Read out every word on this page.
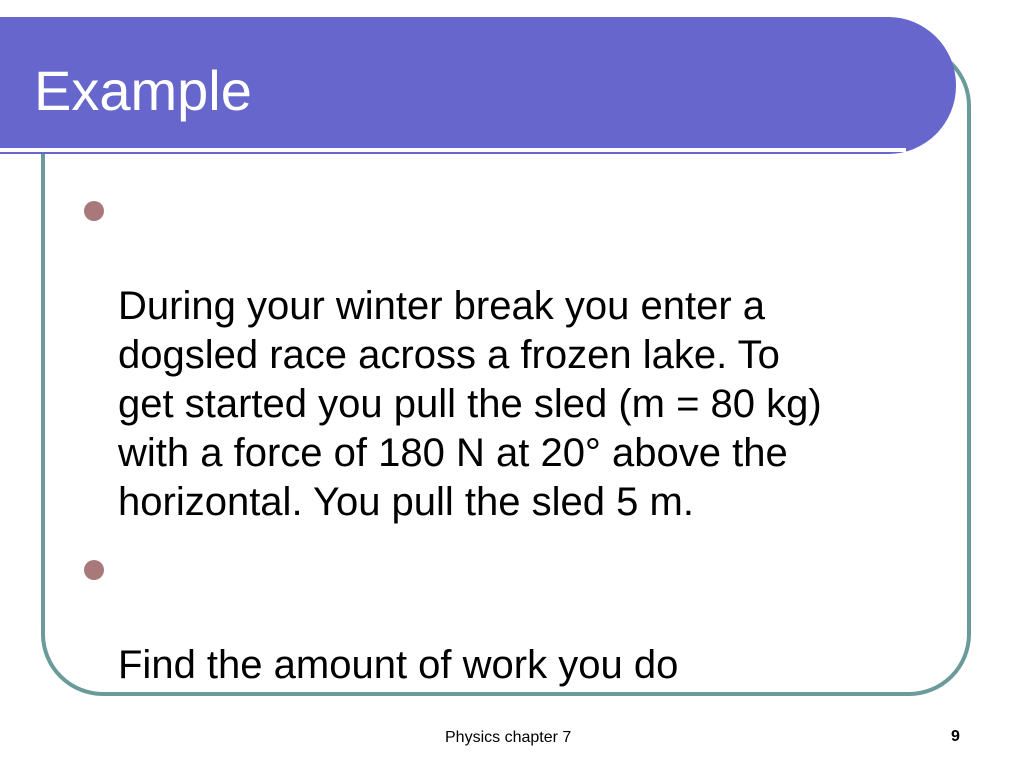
Example

During your winter break you enter a
dogsled race across a frozen lake. To
get started you pull the sled (m = 80 kg)
with a force of 180 N at 20° above the
horizontal. You pull the sled 5 m.

Find the amount of work you do

Physics chapter 7	9
